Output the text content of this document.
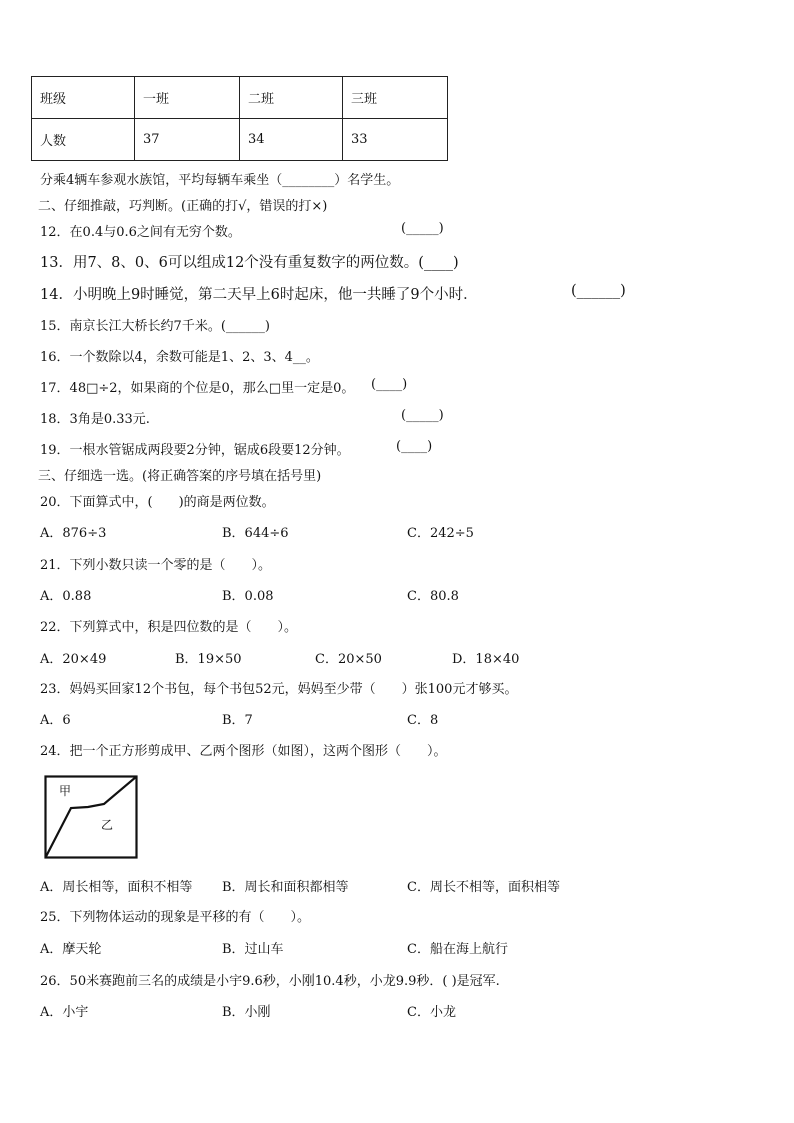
班级	一班	二班	三班
人数	37	34	33
分乘4辆车参观水族馆，平均每辆车乘坐（________）名学生。
二、仔细推敲，巧判断。(正确的打√，错误的打×)
12．在0.4与0.6之间有无穷个数。	(_____)
13．用7、8、0、6可以组成12个没有重复数字的两位数。(____)
14．小明晚上9时睡觉，第二天早上6时起床，他一共睡了9个小时．	(______)
15．南京长江大桥长约7千米。(______)
16．一个数除以4，余数可能是1、2、3、4__。
17．48□÷2，如果商的个位是0，那么□里一定是0。 (____)
18．3角是0.33元.	(_____)
19．一根水管锯成两段要2分钟，锯成6段要12分钟。	(____)
三、仔细选一选。(将正确答案的序号填在括号里)
20．下面算式中，(　　)的商是两位数。
A．876÷3	B．644÷6	C．242÷5
21．下列小数只读一个零的是（　　）。
A．0.88	B．0.08	C．80.8
22．下列算式中，积是四位数的是（　　）。
A．20×49	B．19×50	C．20×50	D．18×40
23．妈妈买回家12个书包，每个书包52元，妈妈至少带（　　）张100元才够买。
A．6	B．7	C．8
24．把一个正方形剪成甲、乙两个图形（如图），这两个图形（　　）。
甲
乙
A．周长相等，面积不相等 B．周长和面积都相等	C．周长不相等，面积相等
25．下列物体运动的现象是平移的有（　　）。
A．摩天轮	B．过山车	C．船在海上航行
26．50米赛跑前三名的成绩是小宇9.6秒，小刚10.4秒，小龙9.9秒．( )是冠军.
A．小宇	B．小刚	C．小龙
